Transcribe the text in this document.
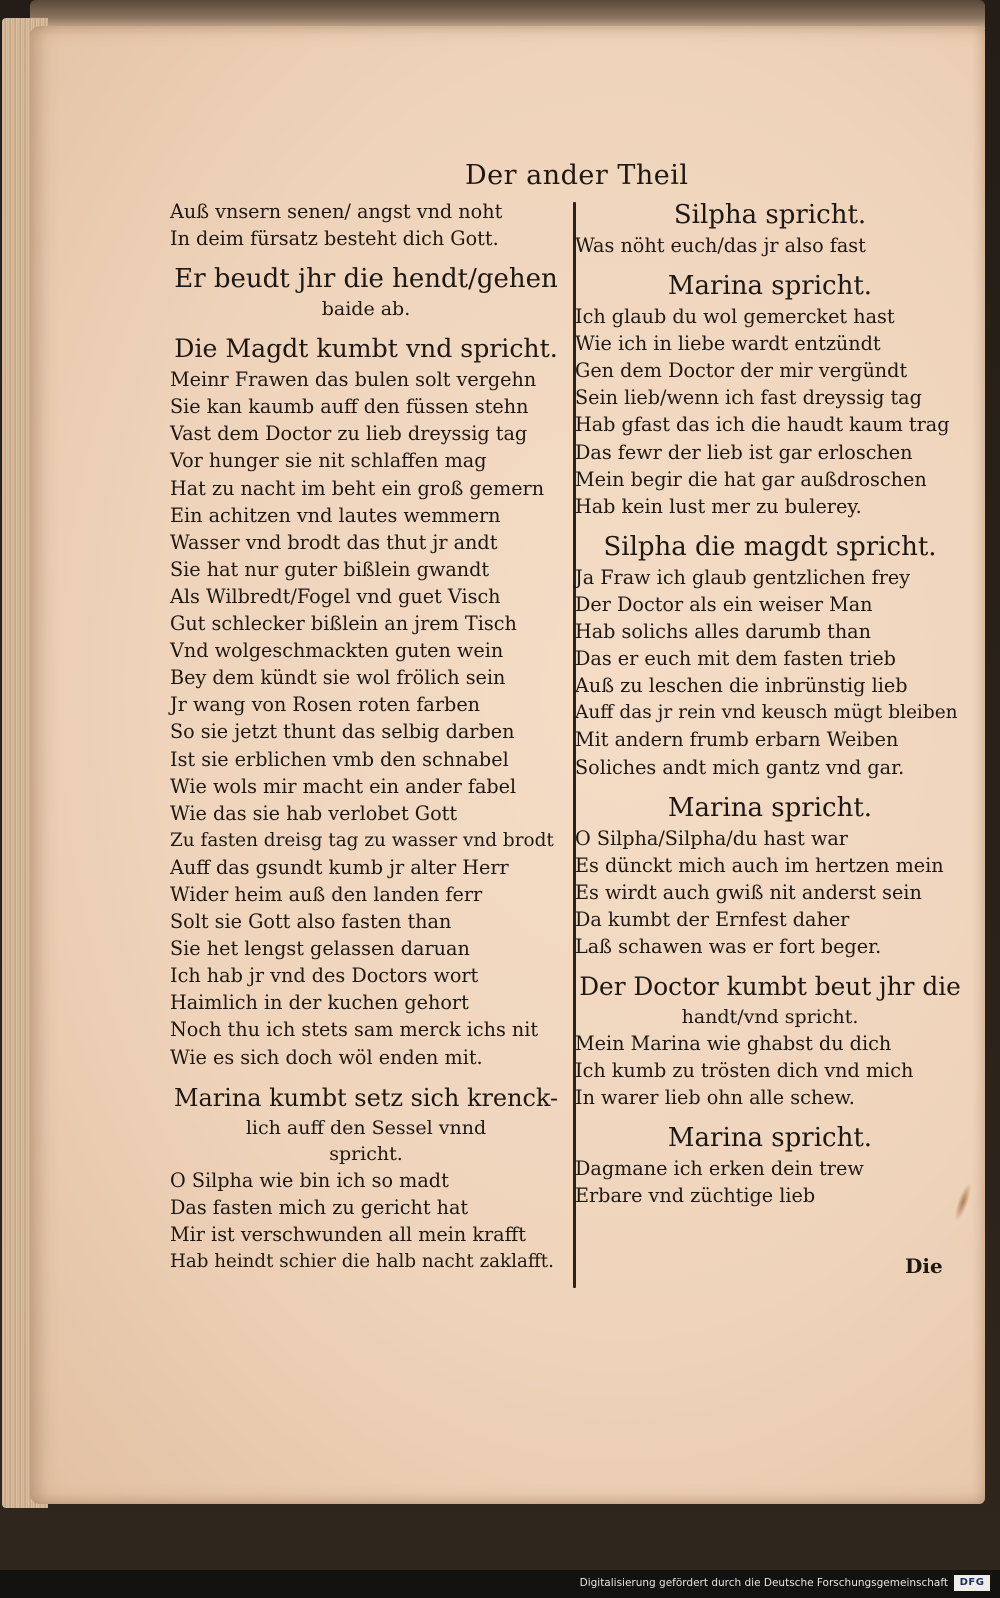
Der ander Theil
Auß vnsern senen/ angst vnd noht
In deim fürsatz besteht dich Gott.
Er beudt jhr die hendt/gehen
baide ab.
Die Magdt kumbt vnd spricht.
Meinr Frawen das bulen solt vergehn
Sie kan kaumb auff den füssen stehn
Vast dem Doctor zu lieb dreyssig tag
Vor hunger sie nit schlaffen mag
Hat zu nacht im beht ein groß gemern
Ein achitzen vnd lautes wemmern
Wasser vnd brodt das thut jr andt
Sie hat nur guter bißlein gwandt
Als Wilbredt/Fogel vnd guet Visch
Gut schlecker bißlein an jrem Tisch
Vnd wolgeschmackten guten wein
Bey dem kündt sie wol frölich sein
Jr wang von Rosen roten farben
So sie jetzt thunt das selbig darben
Ist sie erblichen vmb den schnabel
Wie wols mir macht ein ander fabel
Wie das sie hab verlobet Gott
Zu fasten dreisg tag zu wasser vnd brodt
Auff das gsundt kumb jr alter Herr
Wider heim auß den landen ferr
Solt sie Gott also fasten than
Sie het lengst gelassen daruan
Ich hab jr vnd des Doctors wort
Haimlich in der kuchen gehort
Noch thu ich stets sam merck ichs nit
Wie es sich doch wöl enden mit.
Marina kumbt setz sich krenck-
lich auff den Sessel vnnd
spricht.
O Silpha wie bin ich so madt
Das fasten mich zu gericht hat
Mir ist verschwunden all mein krafft
Hab heindt schier die halb nacht zaklafft.
Silpha spricht.
Was nöht euch/das jr also fast
Marina spricht.
Ich glaub du wol gemercket hast
Wie ich in liebe wardt entzündt
Gen dem Doctor der mir vergündt
Sein lieb/wenn ich fast dreyssig tag
Hab gfast das ich die haudt kaum trag
Das fewr der lieb ist gar erloschen
Mein begir die hat gar außdroschen
Hab kein lust mer zu bulerey.
Silpha die magdt spricht.
Ja Fraw ich glaub gentzlichen frey
Der Doctor als ein weiser Man
Hab solichs alles darumb than
Das er euch mit dem fasten trieb
Auß zu leschen die inbrünstig lieb
Auff das jr rein vnd keusch mügt bleiben
Mit andern frumb erbarn Weiben
Soliches andt mich gantz vnd gar.
Marina spricht.
O Silpha/Silpha/du hast war
Es dünckt mich auch im hertzen mein
Es wirdt auch gwiß nit anderst sein
Da kumbt der Ernfest daher
Laß schawen was er fort beger.
Der Doctor kumbt beut jhr die
handt/vnd spricht.
Mein Marina wie ghabst du dich
Ich kumb zu trösten dich vnd mich
In warer lieb ohn alle schew.
Marina spricht.
Dagmane ich erken dein trew
Erbare vnd züchtige lieb
Die
Digitalisierung gefördert durch die Deutsche Forschungsgemeinschaft	DFG
